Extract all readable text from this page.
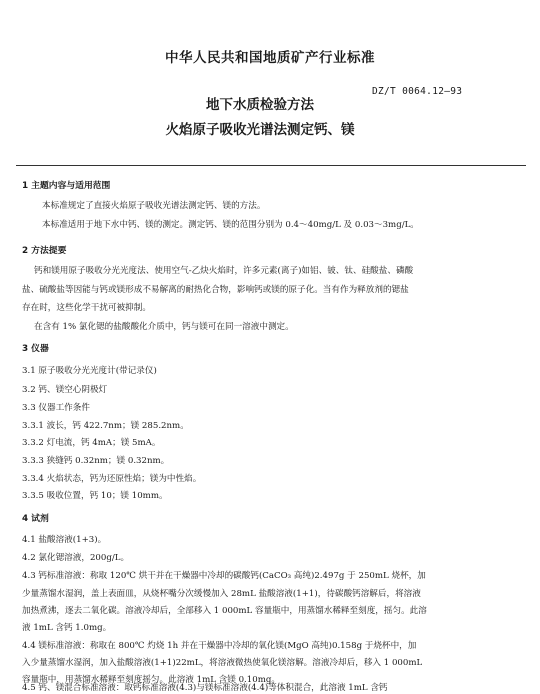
中华人民共和国地质矿产行业标准
地下水质检验方法
火焰原子吸收光谱法测定钙、镁
DZ/T 0064.12—93
1 主题内容与适用范围
本标准规定了直接火焰原子吸收光谱法测定钙、镁的方法。
本标准适用于地下水中钙、镁的测定。测定钙、镁的范围分别为 0.4～40mg/L 及 0.03～3mg/L。
2 方法提要
钙和镁用原子吸收分光光度法、使用空气-乙炔火焰时，许多元素(离子)如铝、铍、钛、硅酸盐、磷酸
盐、硫酸盐等因能与钙或镁形成不易解离的耐热化合物，影响钙或镁的原子化。当有作为释放剂的锶盐
存在时，这些化学干扰可被抑制。
在含有 1% 氯化锶的盐酸酸化介质中，钙与镁可在同一溶液中测定。
3 仪器
3.1 原子吸收分光光度计(带记录仪)
3.2 钙、镁空心阴极灯
3.3 仪器工作条件
3.3.1 波长，钙 422.7nm；镁 285.2nm。
3.3.2 灯电流，钙 4mA；镁 5mA。
3.3.3 狭缝钙 0.32nm；镁 0.32nm。
3.3.4 火焰状态，钙为还原性焰；镁为中性焰。
3.3.5 吸收位置，钙 10；镁 10mm。
4 试剂
4.1 盐酸溶液(1+3)。
4.2 氯化锶溶液，200g/L。
4.3 钙标准溶液：称取 120℃ 烘干并在干燥器中冷却的碳酸钙(CaCO₃ 高纯)2.497g 于 250mL 烧杯，加
少量蒸馏水湿润，盖上表面皿，从烧杯嘴分次缓慢加入 28mL 盐酸溶液(1+1)，待碳酸钙溶解后，将溶液
加热煮沸，逐去二氧化碳。溶液冷却后，全部移入 1 000mL 容量瓶中，用蒸馏水稀释至刻度，摇匀。此溶
液 1mL 含钙 1.0mg。
4.4 镁标准溶液：称取在 800℃ 灼烧 1h 并在干燥器中冷却的氧化镁(MgO 高纯)0.158g 于烧杯中，加
入少量蒸馏水湿润，加入盐酸溶液(1+1)22mL，将溶液微热使氧化镁溶解。溶液冷却后，移入 1 000mL
容量瓶中，用蒸馏水稀释至刻度摇匀。此溶液 1mL 含镁 0.10mg。
4.5 钙、镁混合标准溶液：取钙标准溶液(4.3)与镁标准溶液(4.4)等体积混合，此溶液 1mL 含钙
